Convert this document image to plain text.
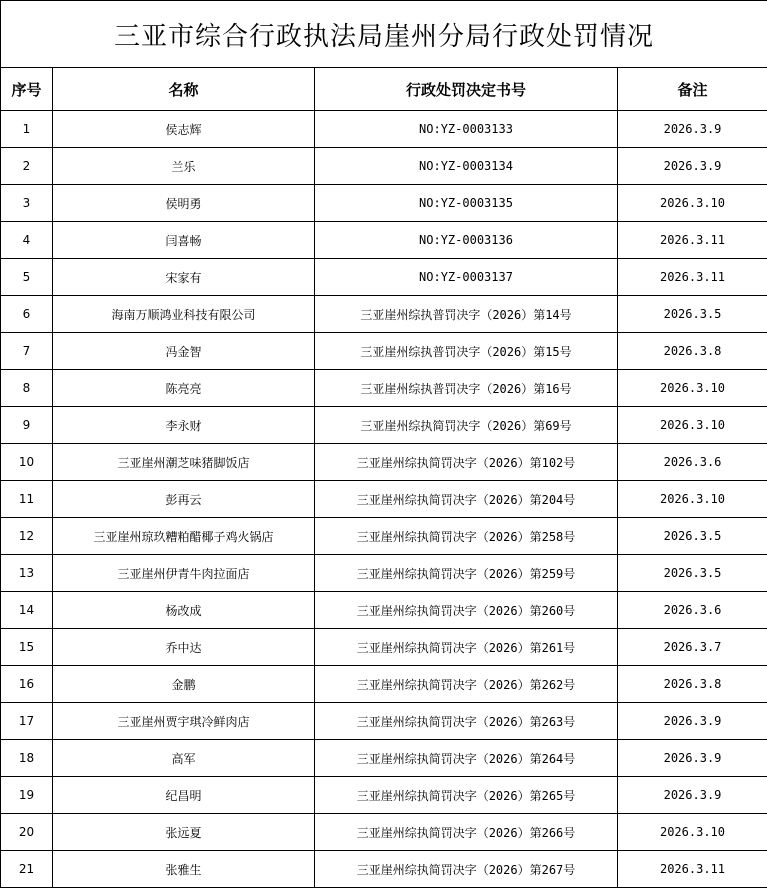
三亚市综合行政执法局崖州分局行政处罚情况			
序号	名称	行政处罚决定书号	备注
1	侯志辉	NO:YZ-0003133	2026.3.9
2	兰乐	NO:YZ-0003134	2026.3.9
3	侯明勇	NO:YZ-0003135	2026.3.10
4	闫喜畅	NO:YZ-0003136	2026.3.11
5	宋家有	NO:YZ-0003137	2026.3.11
6	海南万顺鸿业科技有限公司	三亚崖州综执普罚决字（2026）第14号	2026.3.5
7	冯金智	三亚崖州综执普罚决字（2026）第15号	2026.3.8
8	陈亮亮	三亚崖州综执普罚决字（2026）第16号	2026.3.10
9	李永财	三亚崖州综执简罚决字（2026）第69号	2026.3.10
10	三亚崖州潮芝味猪脚饭店	三亚崖州综执简罚决字（2026）第102号	2026.3.6
11	彭再云	三亚崖州综执简罚决字（2026）第204号	2026.3.10
12	三亚崖州琼玖糟粕醋椰子鸡火锅店	三亚崖州综执简罚决字（2026）第258号	2026.3.5
13	三亚崖州伊青牛肉拉面店	三亚崖州综执简罚决字（2026）第259号	2026.3.5
14	杨改成	三亚崖州综执简罚决字（2026）第260号	2026.3.6
15	乔中达	三亚崖州综执简罚决字（2026）第261号	2026.3.7
16	金鹏	三亚崖州综执简罚决字（2026）第262号	2026.3.8
17	三亚崖州贾宇琪冷鲜肉店	三亚崖州综执简罚决字（2026）第263号	2026.3.9
18	高军	三亚崖州综执简罚决字（2026）第264号	2026.3.9
19	纪昌明	三亚崖州综执简罚决字（2026）第265号	2026.3.9
20	张远夏	三亚崖州综执简罚决字（2026）第266号	2026.3.10
21	张雅生	三亚崖州综执简罚决字（2026）第267号	2026.3.11
